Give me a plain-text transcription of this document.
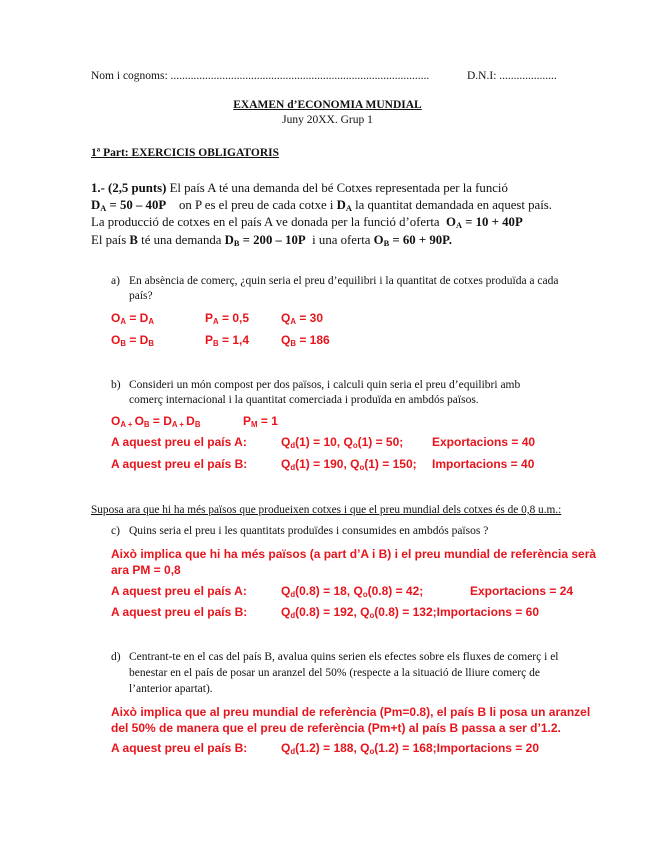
Nom i cognoms: ..........................................................................................	D.N.I: ....................
EXAMEN d’ECONOMIA MUNDIAL
Juny 20XX. Grup 1
1ª Part: EXERCICIS OBLIGATORIS
1.- (2,5 punts) El país A té una demanda del bé Cotxes representada per la funció
$D_A = 50 - 40P$ on P es el preu de cada cotxe i $D_A$ la quantitat demandada en aquest país.
La producció de cotxes en el país A ve donada per la funció d’oferta $O_A = 10 + 40P$
El país B té una demanda $D_B = 200 - 10P$ i una oferta $O_B = 60 + 90P$.
a) En absència de comerç, ¿quin seria el preu d’equilibri i la quantitat de cotxes produïda a cada
país?
$O_A = D_A$	$P_A = 0,5$	$Q_A = 30$
$O_B = D_B$	$P_B = 1,4$	$Q_B = 186$
b) Consideri un món compost per dos països, i calculi quin seria el preu d’equilibri amb
comerç internacional i la quantitat comerciada i produïda en ambdós països.
$O_{A +}$ $O_B = D_{A +}$ $D_B$	$P_M = 1$
A aquest preu el país A:	$Q_d(1) = 10$, $Q_o(1) = 50$; Exportacions = 40
A aquest preu el país B:	$Q_d(1) = 190$, $Q_o(1) = 150$; Importacions = 40
Suposa ara que hi ha més països que produeixen cotxes i que el preu mundial dels cotxes és de 0,8 u.m.:
c) Quins seria el preu i les quantitats produïdes i consumides en ambdós països ?
Això implica que hi ha més països (a part d’A i B) i el preu mundial de referència serà
ara PM = 0,8
A aquest preu el país A:	$Q_d(0.8) = 18$, $Q_o(0.8) = 42$;	Exportacions = 24
A aquest preu el país B:	$Q_d(0.8) = 192$, $Q_o(0.8)$ = 132;Importacions = 60
d) Centrant-te en el cas del país B, avalua quins serien els efectes sobre els fluxes de comerç i el
benestar en el país de posar un aranzel del 50% (respecte a la situació de lliure comerç de
l’anterior apartat).
Això implica que al preu mundial de referència (Pm=0.8), el país B li posa un aranzel
del 50% de manera que el preu de referència (Pm+t) al país B passa a ser d’1.2.
A aquest preu el país B:	$Q_d(1.2) = 188$, $Q_o(1.2)$ = 168;Importacions = 20
